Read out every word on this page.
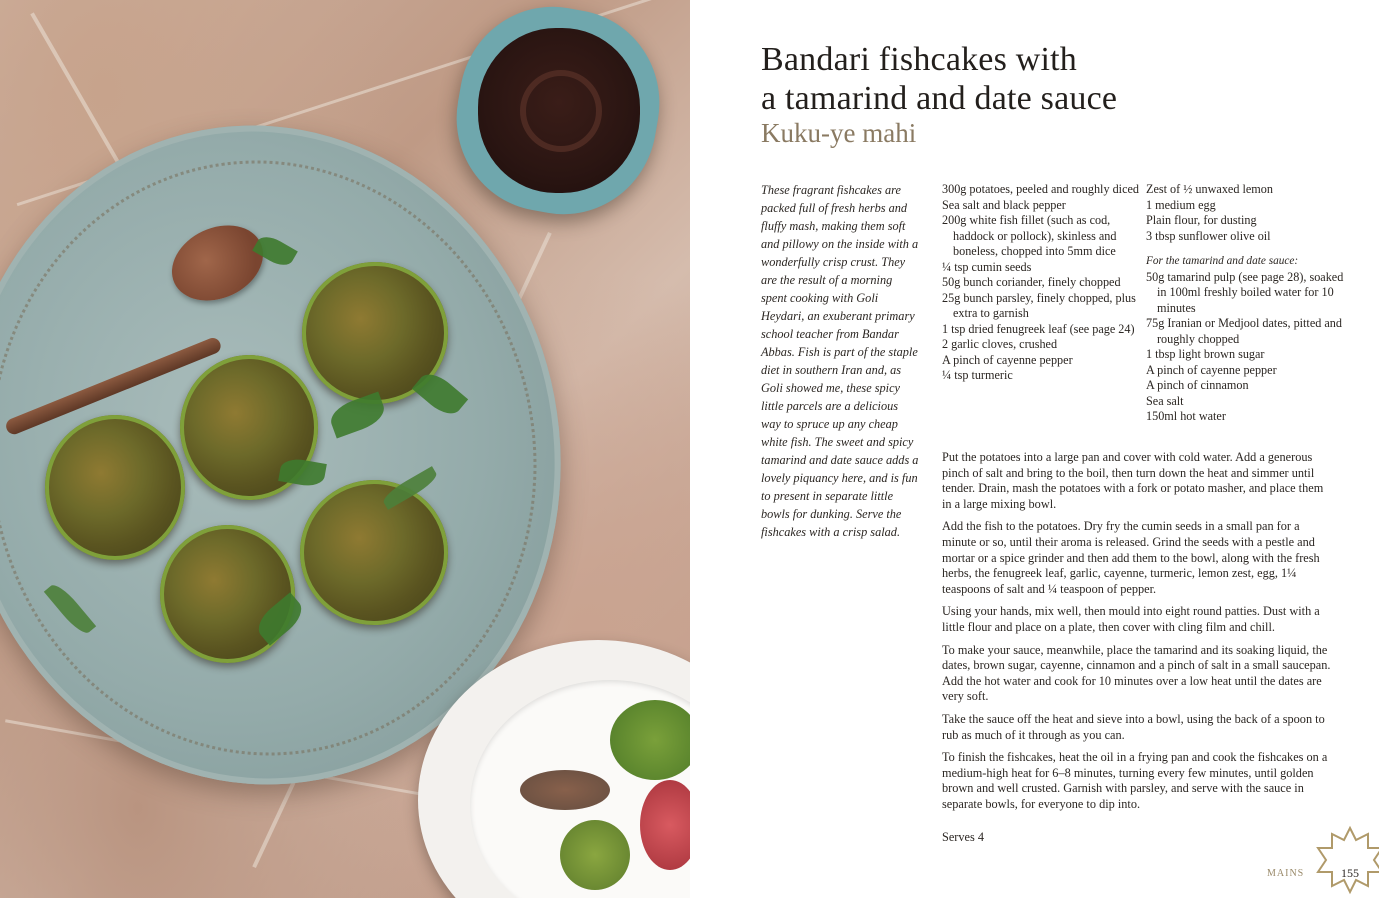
Bandari fishcakes with
a tamarind and date sauce
Kuku-ye mahi

These fragrant fishcakes are packed full of fresh herbs and fluffy mash, making them soft and pillowy on the inside with a wonderfully crisp crust. They are the result of a morning spent cooking with Goli Heydari, an exuberant primary school teacher from Bandar Abbas. Fish is part of the staple diet in southern Iran and, as Goli showed me, these spicy little parcels are a delicious way to spruce up any cheap white fish. The sweet and spicy tamarind and date sauce adds a lovely piquancy here, and is fun to present in separate little bowls for dunking. Serve the fishcakes with a crisp salad.

300g potatoes, peeled and roughly diced

Sea salt and black pepper

200g white fish fillet (such as cod, haddock or pollock), skinless and boneless, chopped into 5mm dice

¼ tsp cumin seeds

50g bunch coriander, finely chopped

25g bunch parsley, finely chopped, plus extra to garnish

1 tsp dried fenugreek leaf (see page 24)

2 garlic cloves, crushed

A pinch of cayenne pepper

¼ tsp turmeric

Zest of ½ unwaxed lemon

1 medium egg

Plain flour, for dusting

3 tbsp sunflower olive oil

For the tamarind and date sauce:

50g tamarind pulp (see page 28), soaked in 100ml freshly boiled water for 10 minutes

75g Iranian or Medjool dates, pitted and roughly chopped

1 tbsp light brown sugar

A pinch of cayenne pepper

A pinch of cinnamon

Sea salt

150ml hot water

Put the potatoes into a large pan and cover with cold water. Add a generous pinch of salt and bring to the boil, then turn down the heat and simmer until tender. Drain, mash the potatoes with a fork or potato masher, and place them in a large mixing bowl.

Add the fish to the potatoes. Dry fry the cumin seeds in a small pan for a minute or so, until their aroma is released. Grind the seeds with a pestle and mortar or a spice grinder and then add them to the bowl, along with the fresh herbs, the fenugreek leaf, garlic, cayenne, turmeric, lemon zest, egg, 1¼ teaspoons of salt and ¼ teaspoon of pepper.

Using your hands, mix well, then mould into eight round patties. Dust with a little flour and place on a plate, then cover with cling film and chill.

To make your sauce, meanwhile, place the tamarind and its soaking liquid, the dates, brown sugar, cayenne, cinnamon and a pinch of salt in a small saucepan. Add the hot water and cook for 10 minutes over a low heat until the dates are very soft.

Take the sauce off the heat and sieve into a bowl, using the back of a spoon to rub as much of it through as you can.

To finish the fishcakes, heat the oil in a frying pan and cook the fishcakes on a medium-high heat for 6–8 minutes, turning every few minutes, until golden brown and well crusted. Garnish with parsley, and serve with the sauce in separate bowls, for everyone to dip into.

Serves 4

MAINS	155
